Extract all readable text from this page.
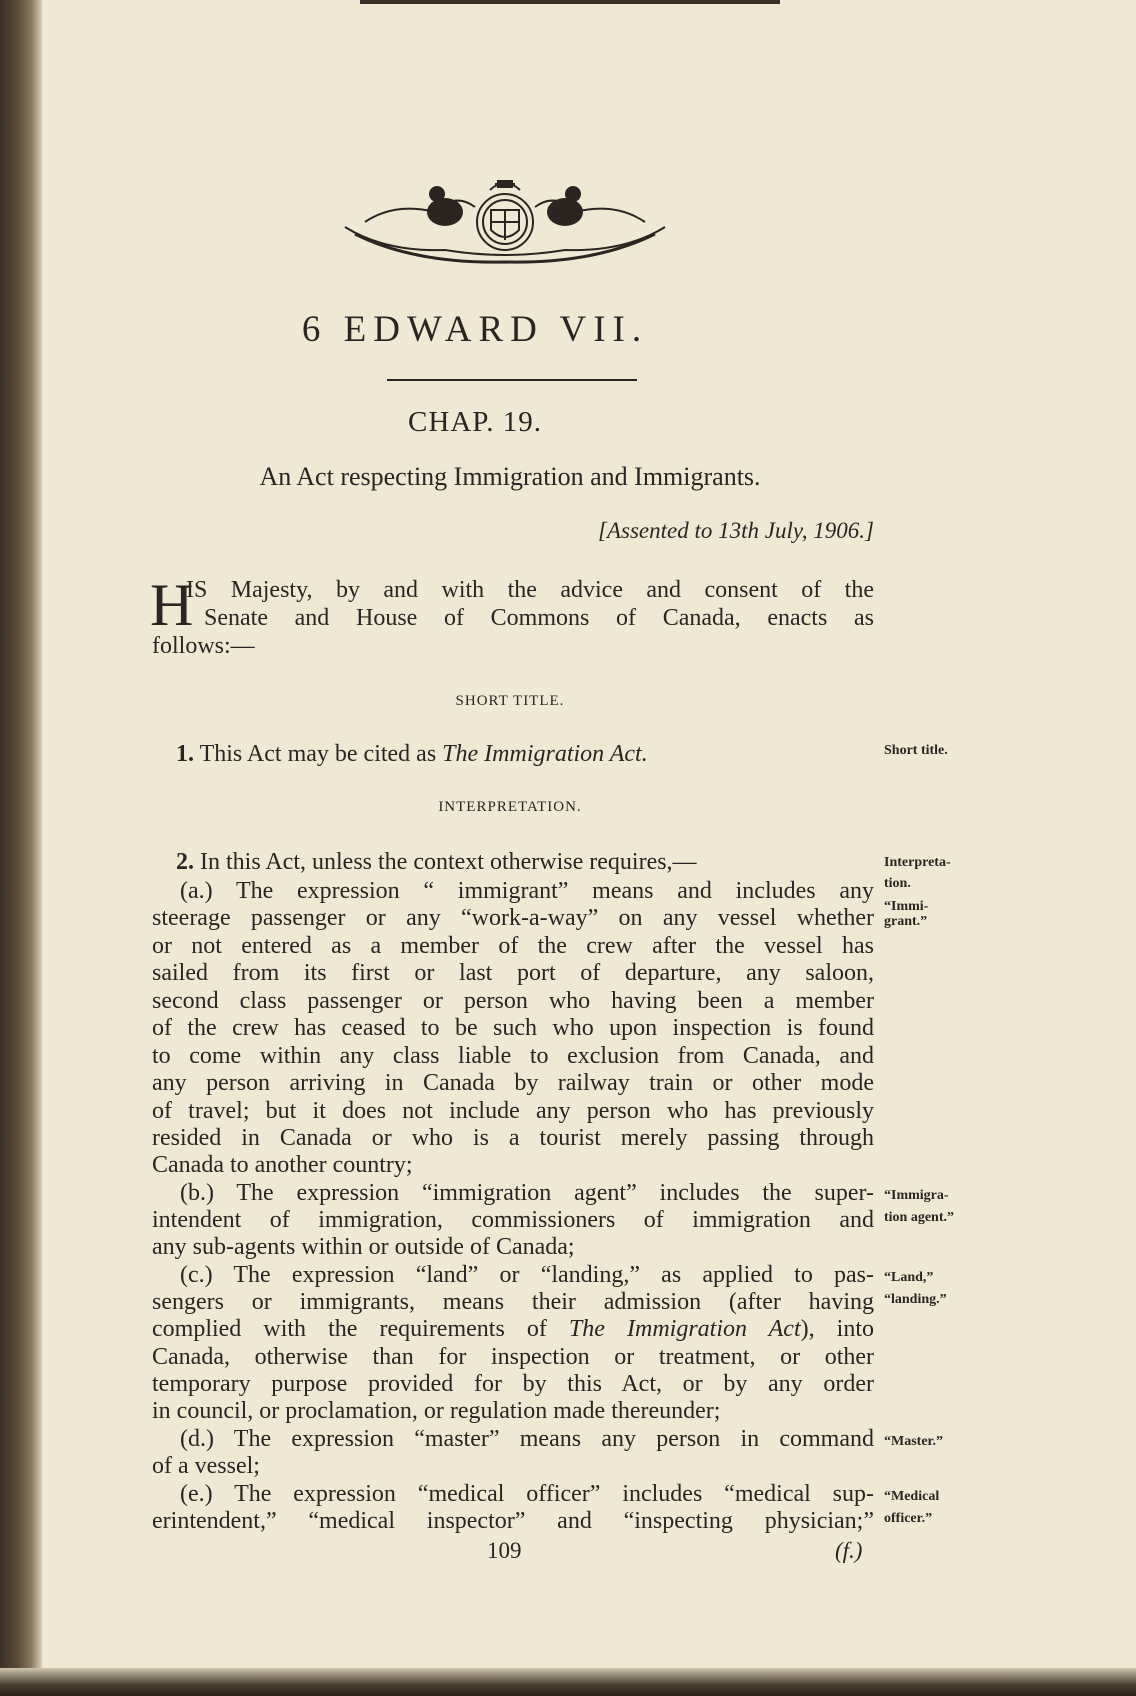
6 EDWARD VII.
CHAP. 19.
An Act respecting Immigration and Immigrants.
[Assented to 13th July, 1906.]
H
IS Majesty, by and with the advice and consent of the
Senate and House of Commons of Canada, enacts as
follows:—
SHORT TITLE.
1. This Act may be cited as The Immigration Act.
INTERPRETATION.
2. In this Act, unless the context otherwise requires,—
(a.) The expression “ immigrant” means and includes any
steerage passenger or any “work-a-way” on any vessel whether
or not entered as a member of the crew after the vessel has
sailed from its first or last port of departure, any saloon,
second class passenger or person who having been a member
of the crew has ceased to be such who upon inspection is found
to come within any class liable to exclusion from Canada, and
any person arriving in Canada by railway train or other mode
of travel; but it does not include any person who has previously
resided in Canada or who is a tourist merely passing through
Canada to another country;
(b.) The expression “immigration agent” includes the super-
intendent of immigration, commissioners of immigration and
any sub-agents within or outside of Canada;
(c.) The expression “land” or “landing,” as applied to pas-
sengers or immigrants, means their admission (after having
complied with the requirements of The Immigration Act), into
Canada, otherwise than for inspection or treatment, or other
temporary purpose provided for by this Act, or by any order
in council, or proclamation, or regulation made thereunder;
(d.) The expression “master” means any person in command
of a vessel;
(e.) The expression “medical officer” includes “medical sup-
erintendent,” “medical inspector” and “inspecting physician;”
Short title.
Interpreta-
tion.
“Immi-
grant.”
“Immigra-
tion agent.”
“Land,”
“landing.”
“Master.”
“Medical
officer.”
109	(f.)
